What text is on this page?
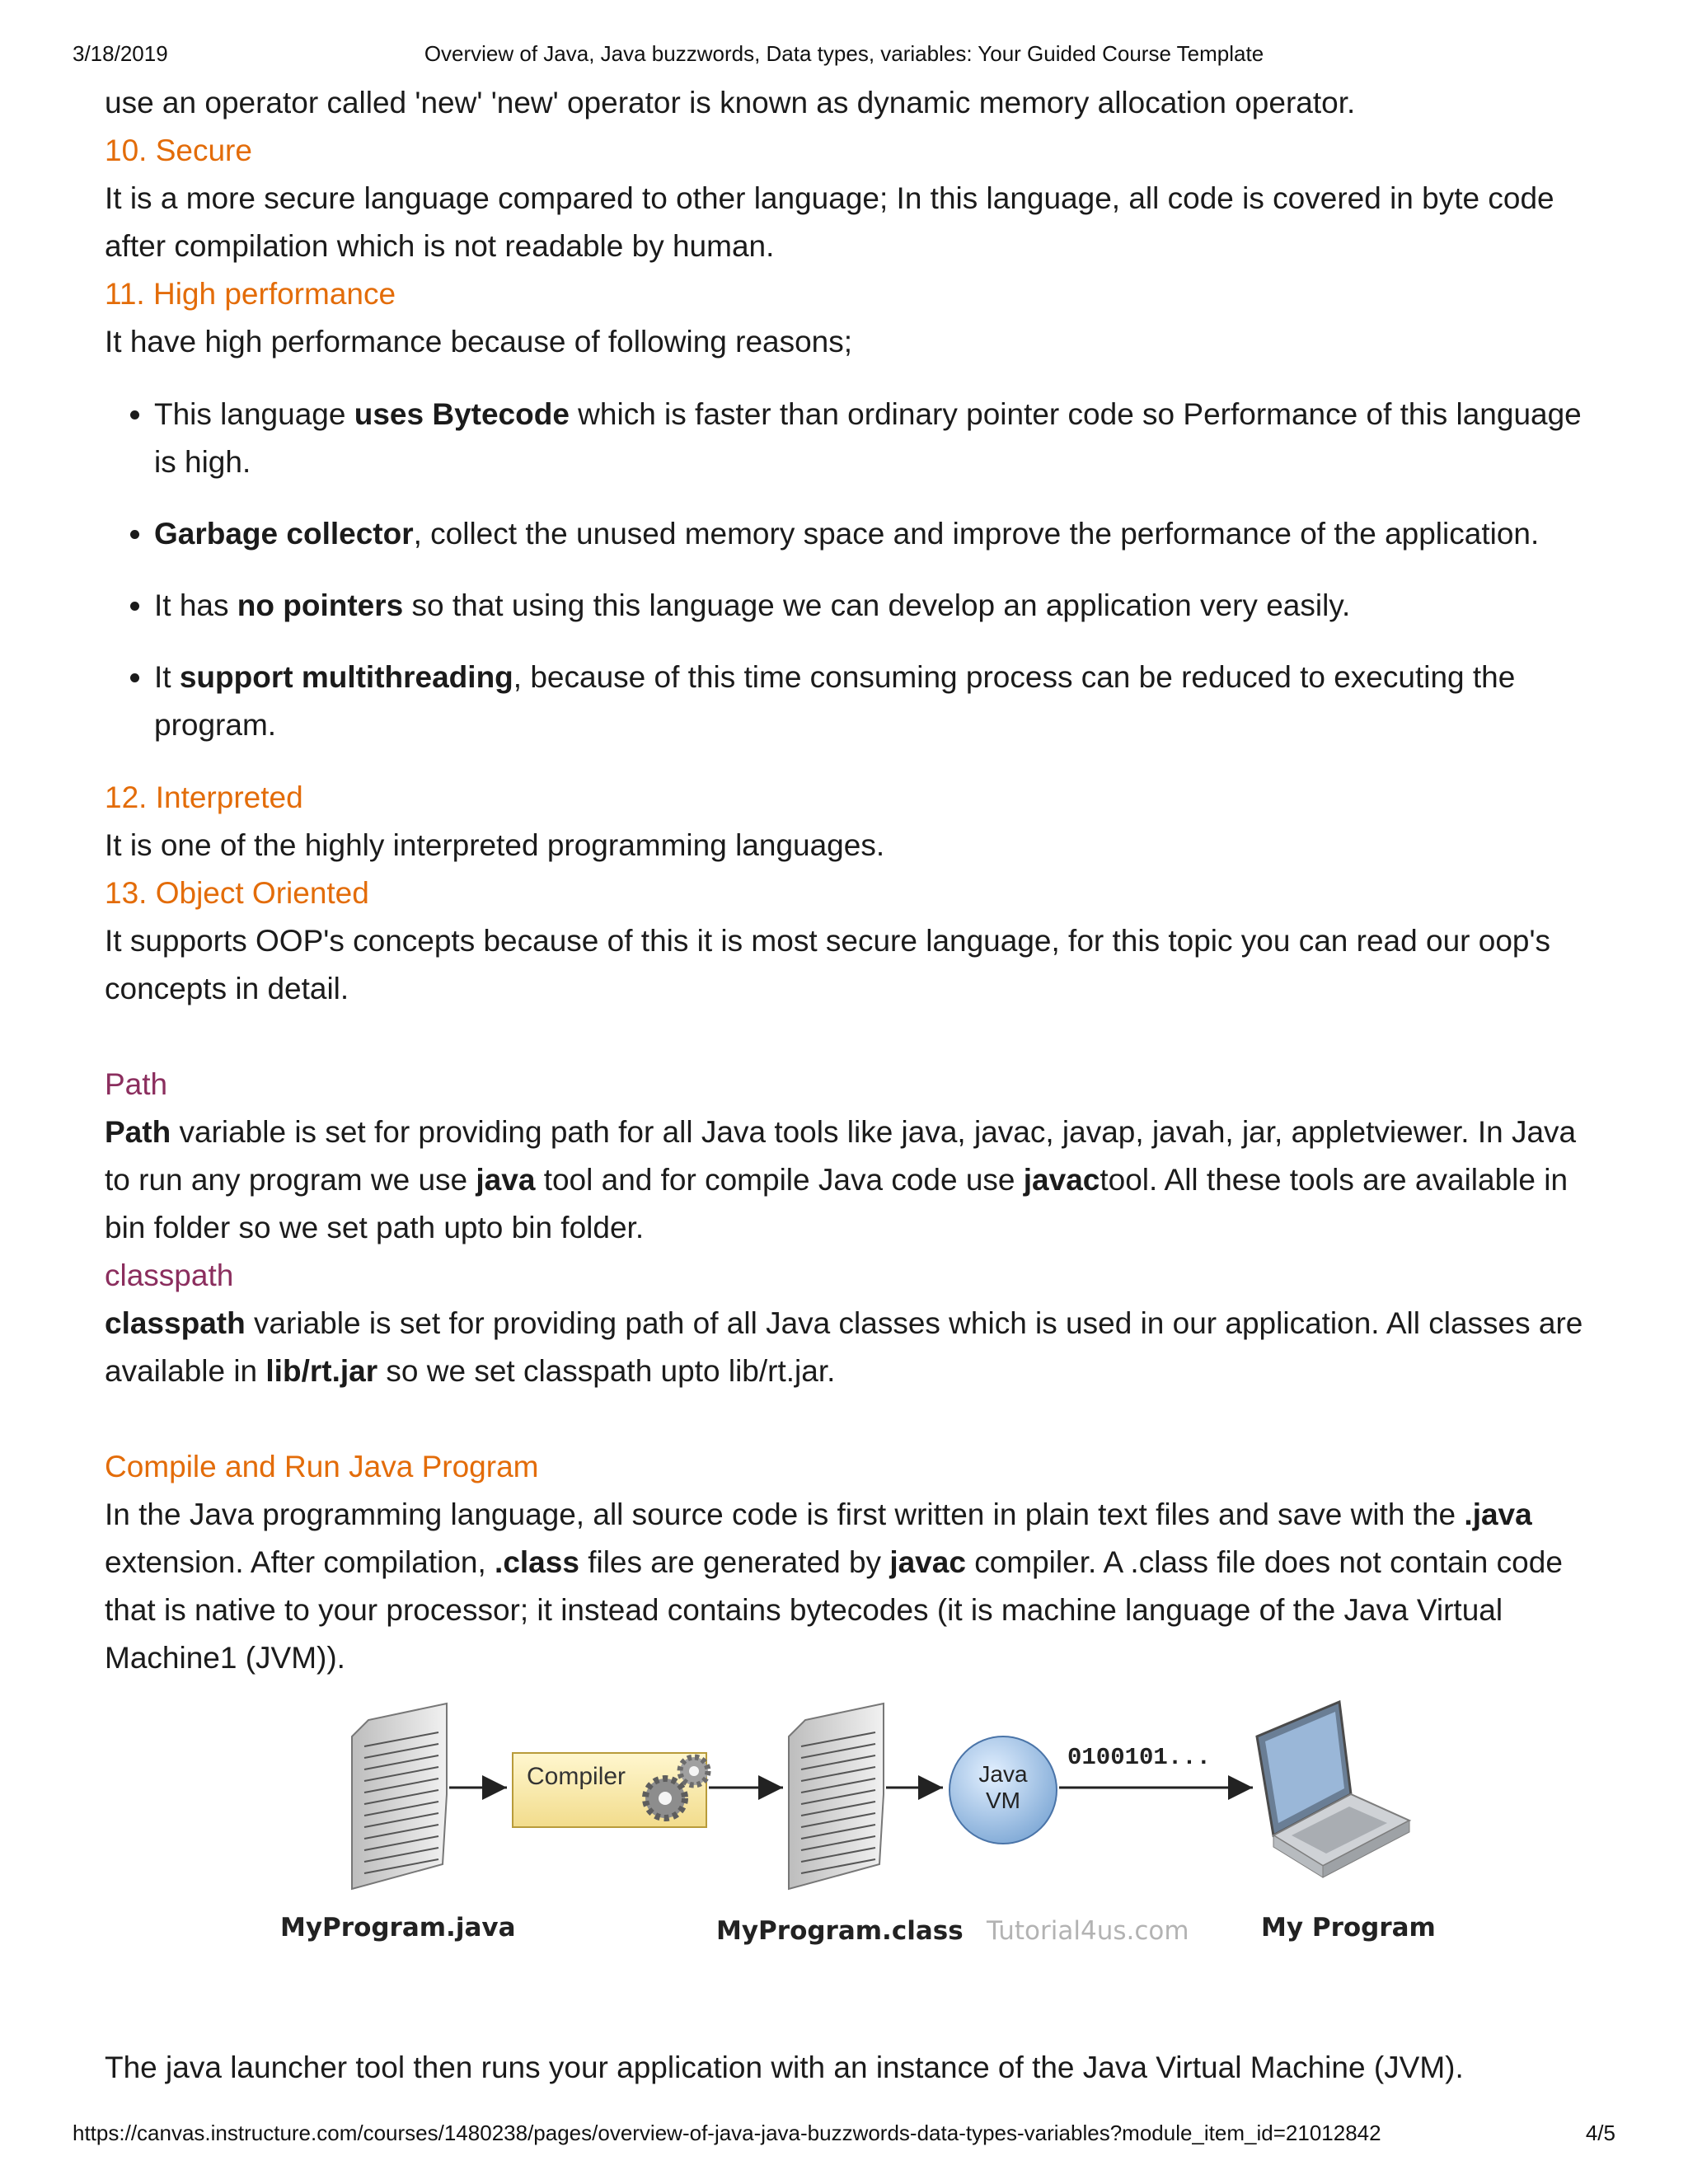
3/18/2019	Overview of Java, Java buzzwords, Data types, variables: Your Guided Course Template

use an operator called 'new' 'new' operator is known as dynamic memory allocation operator.

10. Secure

It is a more secure language compared to other language; In this language, all code is covered in byte code after compilation which is not readable by human.

11. High performance

It have high performance because of following reasons;

• This language uses Bytecode which is faster than ordinary pointer code so Performance of this language is high.
• Garbage collector, collect the unused memory space and improve the performance of the application.
• It has no pointers so that using this language we can develop an application very easily.
• It support multithreading, because of this time consuming process can be reduced to executing the program.
12. Interpreted

It is one of the highly interpreted programming languages.

13. Object Oriented

It supports OOP's concepts because of this it is most secure language, for this topic you can read our oop's concepts in detail.

Path

Path variable is set for providing path for all Java tools like java, javac, javap, javah, jar, appletviewer. In Java to run any program we use java tool and for compile Java code use javactool. All these tools are available in bin folder so we set path upto bin folder.

classpath

classpath variable is set for providing path of all Java classes which is used in our application. All classes are available in lib/rt.jar so we set classpath upto lib/rt.jar.

Compile and Run Java Program

In the Java programming language, all source code is first written in plain text files and save with the .java extension. After compilation, .class files are generated by javac compiler. A .class file does not contain code that is native to your processor; it instead contains bytecodes (it is machine language of the Java Virtual Machine1 (JVM)).

Compiler	Java
VM
0100101...
MyProgram.java	MyProgram.class Tutorial4us.com	My Program

The java launcher tool then runs your application with an instance of the Java Virtual Machine (JVM).

https://canvas.instructure.com/courses/1480238/pages/overview-of-java-java-buzzwords-data-types-variables?module_item_id=21012842	4/5
